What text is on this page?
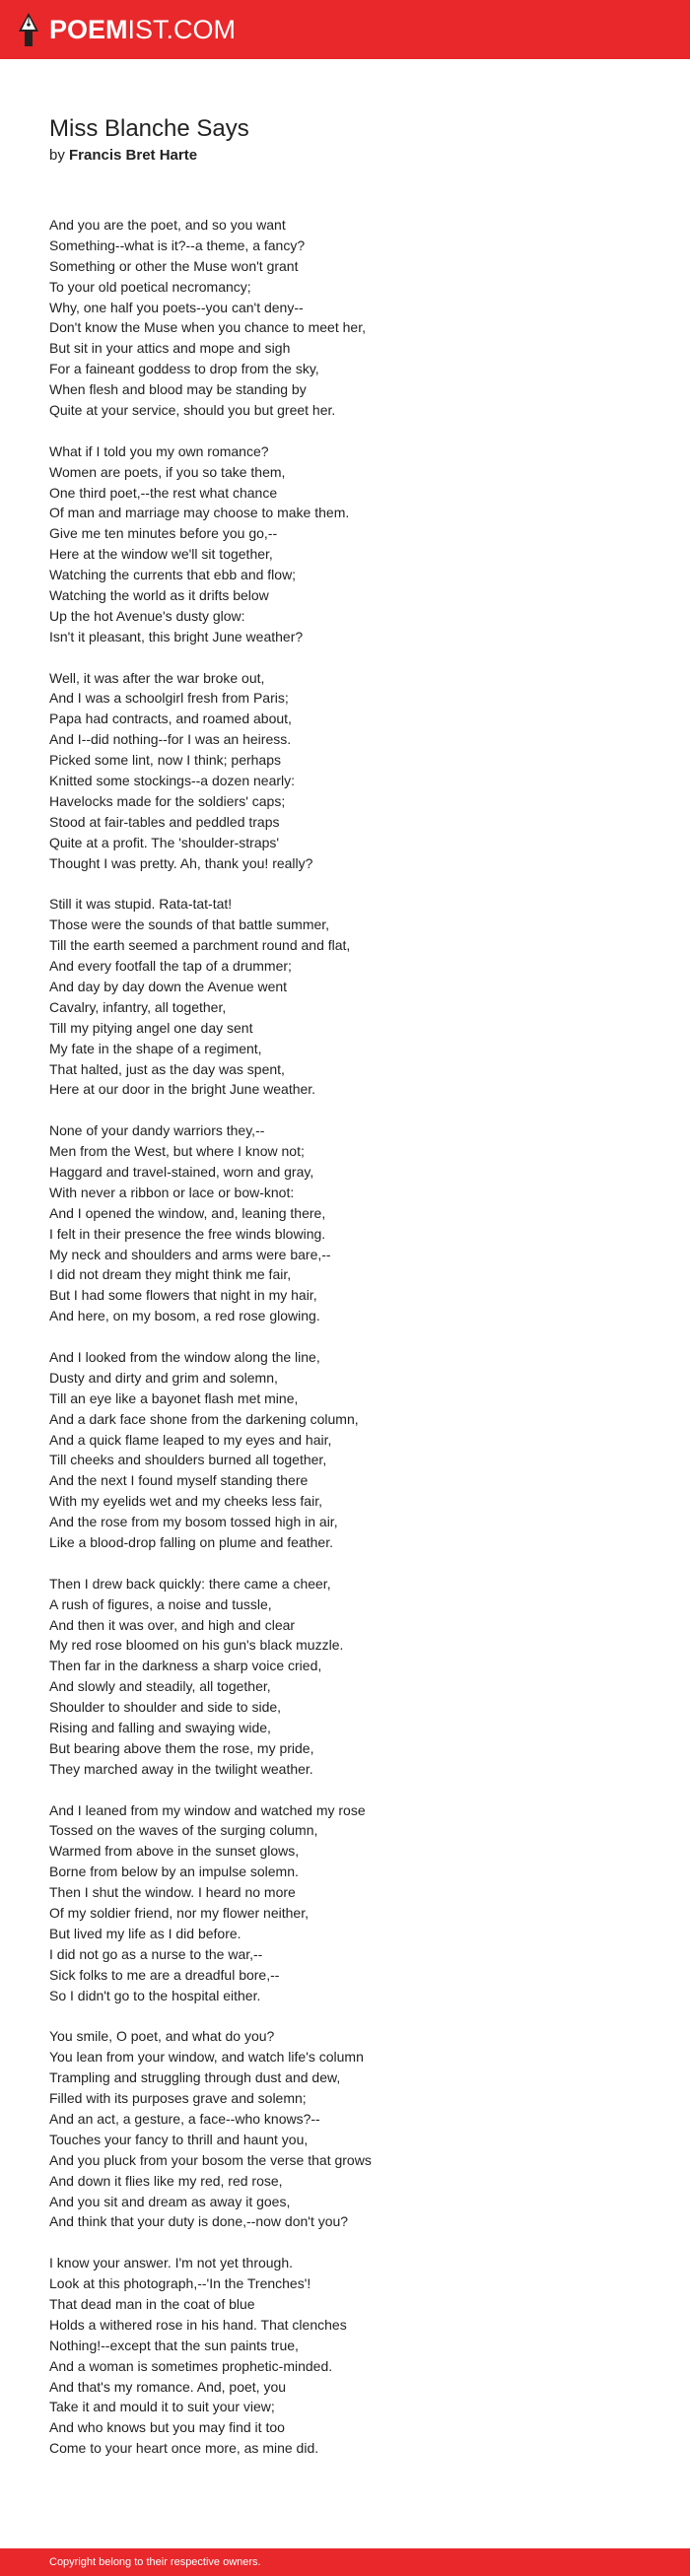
POEMIST.COM
Miss Blanche Says
by Francis Bret Harte
And you are the poet, and so you want
Something--what is it?--a theme, a fancy?
Something or other the Muse won't grant
To your old poetical necromancy;
Why, one half you poets--you can't deny--
Don't know the Muse when you chance to meet her,
But sit in your attics and mope and sigh
For a faineant goddess to drop from the sky,
When flesh and blood may be standing by
Quite at your service, should you but greet her.
What if I told you my own romance?
Women are poets, if you so take them,
One third poet,--the rest what chance
Of man and marriage may choose to make them.
Give me ten minutes before you go,--
Here at the window we'll sit together,
Watching the currents that ebb and flow;
Watching the world as it drifts below
Up the hot Avenue's dusty glow:
Isn't it pleasant, this bright June weather?
Well, it was after the war broke out,
And I was a schoolgirl fresh from Paris;
Papa had contracts, and roamed about,
And I--did nothing--for I was an heiress.
Picked some lint, now I think; perhaps
Knitted some stockings--a dozen nearly:
Havelocks made for the soldiers' caps;
Stood at fair-tables and peddled traps
Quite at a profit. The 'shoulder-straps'
Thought I was pretty. Ah, thank you! really?
Still it was stupid. Rata-tat-tat!
Those were the sounds of that battle summer,
Till the earth seemed a parchment round and flat,
And every footfall the tap of a drummer;
And day by day down the Avenue went
Cavalry, infantry, all together,
Till my pitying angel one day sent
My fate in the shape of a regiment,
That halted, just as the day was spent,
Here at our door in the bright June weather.
None of your dandy warriors they,--
Men from the West, but where I know not;
Haggard and travel-stained, worn and gray,
With never a ribbon or lace or bow-knot:
And I opened the window, and, leaning there,
I felt in their presence the free winds blowing.
My neck and shoulders and arms were bare,--
I did not dream they might think me fair,
But I had some flowers that night in my hair,
And here, on my bosom, a red rose glowing.
And I looked from the window along the line,
Dusty and dirty and grim and solemn,
Till an eye like a bayonet flash met mine,
And a dark face shone from the darkening column,
And a quick flame leaped to my eyes and hair,
Till cheeks and shoulders burned all together,
And the next I found myself standing there
With my eyelids wet and my cheeks less fair,
And the rose from my bosom tossed high in air,
Like a blood-drop falling on plume and feather.
Then I drew back quickly: there came a cheer,
A rush of figures, a noise and tussle,
And then it was over, and high and clear
My red rose bloomed on his gun's black muzzle.
Then far in the darkness a sharp voice cried,
And slowly and steadily, all together,
Shoulder to shoulder and side to side,
Rising and falling and swaying wide,
But bearing above them the rose, my pride,
They marched away in the twilight weather.
And I leaned from my window and watched my rose
Tossed on the waves of the surging column,
Warmed from above in the sunset glows,
Borne from below by an impulse solemn.
Then I shut the window. I heard no more
Of my soldier friend, nor my flower neither,
But lived my life as I did before.
I did not go as a nurse to the war,--
Sick folks to me are a dreadful bore,--
So I didn't go to the hospital either.
You smile, O poet, and what do you?
You lean from your window, and watch life's column
Trampling and struggling through dust and dew,
Filled with its purposes grave and solemn;
And an act, a gesture, a face--who knows?--
Touches your fancy to thrill and haunt you,
And you pluck from your bosom the verse that grows
And down it flies like my red, red rose,
And you sit and dream as away it goes,
And think that your duty is done,--now don't you?
I know your answer. I'm not yet through.
Look at this photograph,--'In the Trenches'!
That dead man in the coat of blue
Holds a withered rose in his hand. That clenches
Nothing!--except that the sun paints true,
And a woman is sometimes prophetic-minded.
And that's my romance. And, poet, you
Take it and mould it to suit your view;
And who knows but you may find it too
Come to your heart once more, as mine did.
Copyright belong to their respective owners.
